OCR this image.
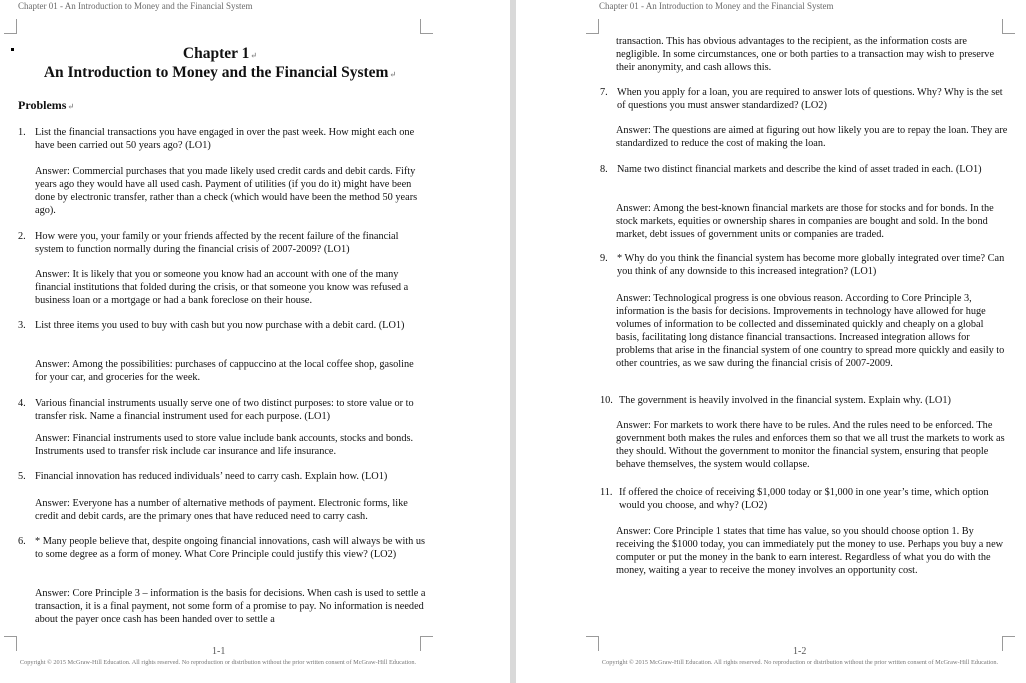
Chapter 01 - An Introduction to Money and the Financial System
Chapter 1↵
An Introduction to Money and the Financial System↵
Problems↵
1. List the financial transactions you have engaged in over the past week. How might each one have been carried out 50 years ago? (LO1)
Answer: Commercial purchases that you made likely used credit cards and debit cards. Fifty years ago they would have all used cash. Payment of utilities (if you do it) might have been done by electronic transfer, rather than a check (which would have been the method 50 years ago).
2. How were you, your family or your friends affected by the recent failure of the financial system to function normally during the financial crisis of 2007-2009? (LO1)
Answer: It is likely that you or someone you know had an account with one of the many financial institutions that folded during the crisis, or that someone you know was refused a business loan or a mortgage or had a bank foreclose on their house.
3. List three items you used to buy with cash but you now purchase with a debit card. (LO1)
Answer: Among the possibilities: purchases of cappuccino at the local coffee shop, gasoline for your car, and groceries for the week.
4. Various financial instruments usually serve one of two distinct purposes: to store value or to transfer risk. Name a financial instrument used for each purpose. (LO1)
Answer: Financial instruments used to store value include bank accounts, stocks and bonds. Instruments used to transfer risk include car insurance and life insurance.
5. Financial innovation has reduced individuals’ need to carry cash. Explain how. (LO1)
Answer: Everyone has a number of alternative methods of payment. Electronic forms, like credit and debit cards, are the primary ones that have reduced need to carry cash.
6. * Many people believe that, despite ongoing financial innovations, cash will always be with us to some degree as a form of money. What Core Principle could justify this view? (LO2)
Answer: Core Principle 3 – information is the basis for decisions. When cash is used to settle a transaction, it is a final payment, not some form of a promise to pay. No information is needed about the payer once cash has been handed over to settle a
1-1
Copyright © 2015 McGraw-Hill Education. All rights reserved. No reproduction or distribution without the prior written consent of McGraw-Hill Education.
Chapter 01 - An Introduction to Money and the Financial System
transaction. This has obvious advantages to the recipient, as the information costs are negligible. In some circumstances, one or both parties to a transaction may wish to preserve their anonymity, and cash allows this.
7. When you apply for a loan, you are required to answer lots of questions. Why? Why is the set of questions you must answer standardized? (LO2)
Answer: The questions are aimed at figuring out how likely you are to repay the loan. They are standardized to reduce the cost of making the loan.
8. Name two distinct financial markets and describe the kind of asset traded in each. (LO1)
Answer: Among the best-known financial markets are those for stocks and for bonds. In the stock markets, equities or ownership shares in companies are bought and sold. In the bond market, debt issues of government units or companies are traded.
9. * Why do you think the financial system has become more globally integrated over time? Can you think of any downside to this increased integration? (LO1)
Answer: Technological progress is one obvious reason. According to Core Principle 3, information is the basis for decisions. Improvements in technology have allowed for huge volumes of information to be collected and disseminated quickly and cheaply on a global basis, facilitating long distance financial transactions. Increased integration allows for problems that arise in the financial system of one country to spread more quickly and easily to other countries, as we saw during the financial crisis of 2007-2009.
10. The government is heavily involved in the financial system. Explain why. (LO1)
Answer: For markets to work there have to be rules. And the rules need to be enforced. The government both makes the rules and enforces them so that we all trust the markets to work as they should. Without the government to monitor the financial system, ensuring that people behave themselves, the system would collapse.
11. If offered the choice of receiving $1,000 today or $1,000 in one year’s time, which option would you choose, and why? (LO2)
Answer: Core Principle 1 states that time has value, so you should choose option 1. By receiving the $1000 today, you can immediately put the money to use. Perhaps you buy a new computer or put the money in the bank to earn interest. Regardless of what you do with the money, waiting a year to receive the money involves an opportunity cost.
1-2
Copyright © 2015 McGraw-Hill Education. All rights reserved. No reproduction or distribution without the prior written consent of McGraw-Hill Education.
